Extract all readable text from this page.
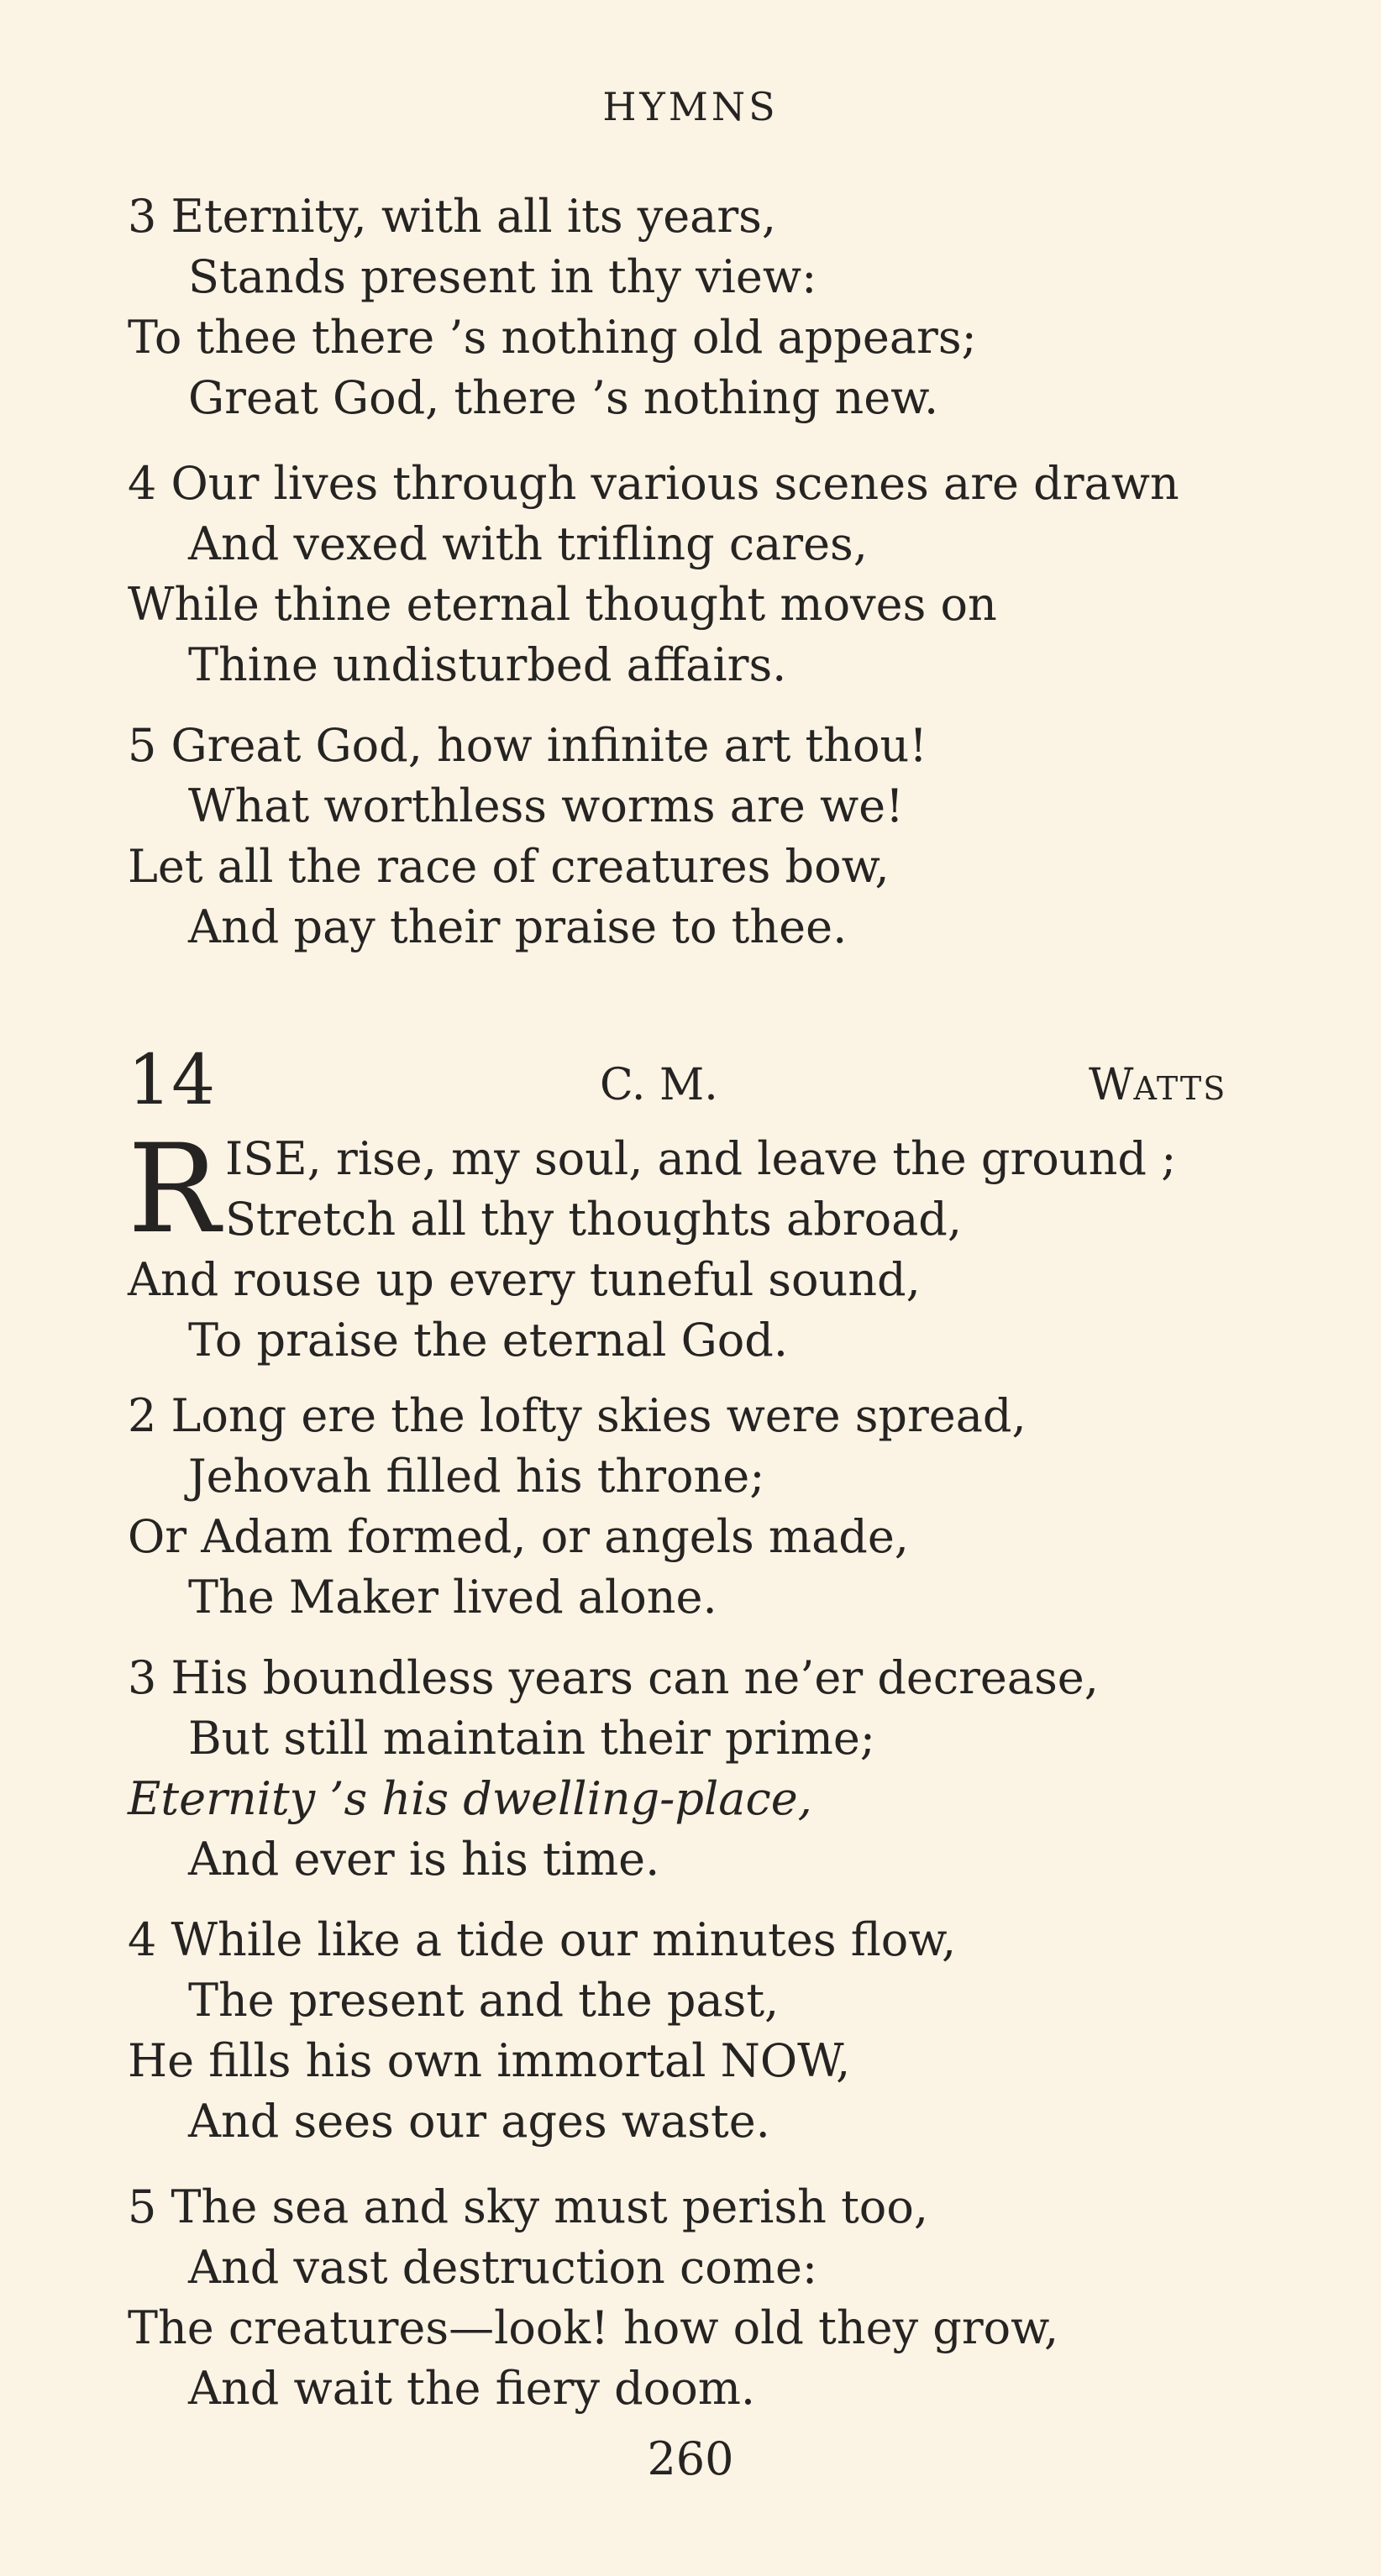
HYMNS
3 Eternity, with all its years,
Stands present in thy view:
To thee there ’s nothing old appears;
Great God, there ’s nothing new.
4 Our lives through various scenes are drawn
And vexed with trifling cares,
While thine eternal thought moves on
Thine undisturbed affairs.
5 Great God, how infinite art thou!
What worthless worms are we!
Let all the race of creatures bow,
And pay their praise to thee.
14	C. M.	WATTS
R ISE, rise, my soul, and leave the ground ;
Stretch all thy thoughts abroad,
And rouse up every tuneful sound,
To praise the eternal God.
2 Long ere the lofty skies were spread,
Jehovah filled his throne;
Or Adam formed, or angels made,
The Maker lived alone.
3 His boundless years can ne’er decrease,
But still maintain their prime;
Eternity ’s his dwelling-place,
And ever is his time.
4 While like a tide our minutes flow,
The present and the past,
He fills his own immortal NOW,
And sees our ages waste.
5 The sea and sky must perish too,
And vast destruction come:
The creatures—look! how old they grow,
And wait the fiery doom.
260
